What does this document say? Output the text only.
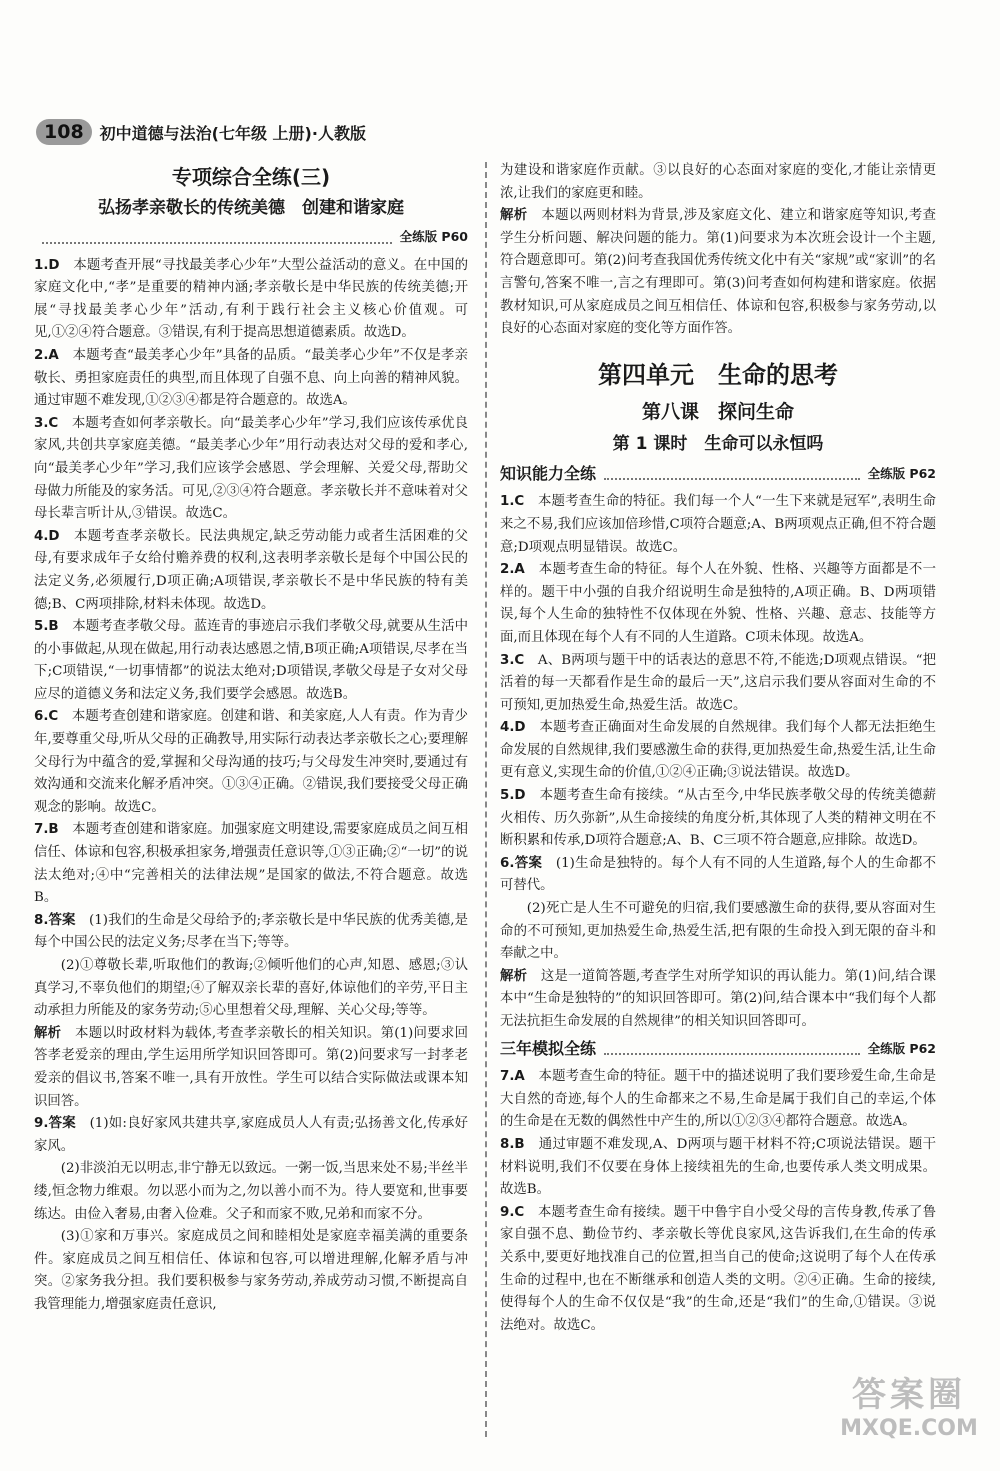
108	初中道德与法治(七年级 上册)·人教版
专项综合全练(三)
弘扬孝亲敬长的传统美德　创建和谐家庭
全练版 P60
1.D　本题考查开展“寻找最美孝心少年”大型公益活动的意义。在中国的家庭文化中,“孝”是重要的精神内涵;孝亲敬长是中华民族的传统美德;开展“寻找最美孝心少年”活动,有利于践行社会主义核心价值观。可见,①②④符合题意。③错误,有利于提高思想道德素质。故选D。
2.A　本题考查“最美孝心少年”具备的品质。“最美孝心少年”不仅是孝亲敬长、勇担家庭责任的典型,而且体现了自强不息、向上向善的精神风貌。通过审题不难发现,①②③④都是符合题意的。故选A。
3.C　本题考查如何孝亲敬长。向“最美孝心少年”学习,我们应该传承优良家风,共创共享家庭美德。“最美孝心少年”用行动表达对父母的爱和孝心,向“最美孝心少年”学习,我们应该学会感恩、学会理解、关爱父母,帮助父母做力所能及的家务活。可见,②③④符合题意。孝亲敬长并不意味着对父母长辈言听计从,③错误。故选C。
4.D　本题考查孝亲敬长。民法典规定,缺乏劳动能力或者生活困难的父母,有要求成年子女给付赡养费的权利,这表明孝亲敬长是每个中国公民的法定义务,必须履行,D项正确;A项错误,孝亲敬长不是中华民族的特有美德;B、C两项排除,材料未体现。故选D。
5.B　本题考查孝敬父母。蓝连青的事迹启示我们孝敬父母,就要从生活中的小事做起,从现在做起,用行动表达感恩之情,B项正确;A项错误,尽孝在当下;C项错误,“一切事情都”的说法太绝对;D项错误,孝敬父母是子女对父母应尽的道德义务和法定义务,我们要学会感恩。故选B。
6.C　本题考查创建和谐家庭。创建和谐、和美家庭,人人有责。作为青少年,要尊重父母,听从父母的正确教导,用实际行动表达孝亲敬长之心;要理解父母行为中蕴含的爱,掌握和父母沟通的技巧;与父母发生冲突时,要通过有效沟通和交流来化解矛盾冲突。①③④正确。②错误,我们要接受父母正确观念的影响。故选C。
7.B　本题考查创建和谐家庭。加强家庭文明建设,需要家庭成员之间互相信任、体谅和包容,积极承担家务,增强责任意识等,①③正确;②“一切”的说法太绝对;④中“完善相关的法律法规”是国家的做法,不符合题意。故选B。
8.答案　(1)我们的生命是父母给予的;孝亲敬长是中华民族的优秀美德,是每个中国公民的法定义务;尽孝在当下;等等。
(2)①尊敬长辈,听取他们的教诲;②倾听他们的心声,知恩、感恩;③认真学习,不辜负他们的期望;④了解双亲长辈的喜好,体谅他们的辛劳,平日主动承担力所能及的家务劳动;⑤心里想着父母,理解、关心父母;等等。
解析　本题以时政材料为载体,考查孝亲敬长的相关知识。第(1)问要求回答孝老爱亲的理由,学生运用所学知识回答即可。第(2)问要求写一封孝老爱亲的倡议书,答案不唯一,具有开放性。学生可以结合实际做法或课本知识回答。
9.答案　(1)如:良好家风共建共享,家庭成员人人有责;弘扬善文化,传承好家风。
(2)非淡泊无以明志,非宁静无以致远。一粥一饭,当思来处不易;半丝半缕,恒念物力维艰。勿以恶小而为之,勿以善小而不为。待人要宽和,世事要练达。由俭入奢易,由奢入俭难。父子和而家不败,兄弟和而家不分。
(3)①家和万事兴。家庭成员之间和睦相处是家庭幸福美满的重要条件。家庭成员之间互相信任、体谅和包容,可以增进理解,化解矛盾与冲突。②家务我分担。我们要积极参与家务劳动,养成劳动习惯,不断提高自我管理能力,增强家庭责任意识,
为建设和谐家庭作贡献。③以良好的心态面对家庭的变化,才能让亲情更浓,让我们的家庭更和睦。
解析　本题以两则材料为背景,涉及家庭文化、建立和谐家庭等知识,考查学生分析问题、解决问题的能力。第(1)问要求为本次班会设计一个主题,符合题意即可。第(2)问考查我国优秀传统文化中有关“家规”或“家训”的名言警句,答案不唯一,言之有理即可。第(3)问考查如何构建和谐家庭。依据教材知识,可从家庭成员之间互相信任、体谅和包容,积极参与家务劳动,以良好的心态面对家庭的变化等方面作答。
第四单元　生命的思考
第八课　探问生命
第 1 课时　生命可以永恒吗
知识能力全练	全练版 P62
1.C　本题考查生命的特征。我们每一个人“一生下来就是冠军”,表明生命来之不易,我们应该加倍珍惜,C项符合题意;A、B两项观点正确,但不符合题意;D项观点明显错误。故选C。
2.A　本题考查生命的特征。每个人在外貌、性格、兴趣等方面都是不一样的。题干中小强的自我介绍说明生命是独特的,A项正确。B、D两项错误,每个人生命的独特性不仅体现在外貌、性格、兴趣、意志、技能等方面,而且体现在每个人有不同的人生道路。C项未体现。故选A。
3.C　A、B两项与题干中的话表达的意思不符,不能选;D项观点错误。“把活着的每一天都看作是生命的最后一天”,这启示我们要从容面对生命的不可预知,更加热爱生命,热爱生活。故选C。
4.D　本题考查正确面对生命发展的自然规律。我们每个人都无法拒绝生命发展的自然规律,我们要感激生命的获得,更加热爱生命,热爱生活,让生命更有意义,实现生命的价值,①②④正确;③说法错误。故选D。
5.D　本题考查生命有接续。“从古至今,中华民族孝敬父母的传统美德薪火相传、历久弥新”,从生命接续的角度分析,其体现了人类的精神文明在不断积累和传承,D项符合题意;A、B、C三项不符合题意,应排除。故选D。
6.答案　(1)生命是独特的。每个人有不同的人生道路,每个人的生命都不可替代。
(2)死亡是人生不可避免的归宿,我们要感激生命的获得,要从容面对生命的不可预知,更加热爱生命,热爱生活,把有限的生命投入到无限的奋斗和奉献之中。
解析　这是一道简答题,考查学生对所学知识的再认能力。第(1)问,结合课本中“生命是独特的”的知识回答即可。第(2)问,结合课本中“我们每个人都无法抗拒生命发展的自然规律”的相关知识回答即可。
三年模拟全练	全练版 P62
7.A　本题考查生命的特征。题干中的描述说明了我们要珍爱生命,生命是大自然的奇迹,每个人的生命都来之不易,生命是属于我们自己的幸运,个体的生命是在无数的偶然性中产生的,所以①②③④都符合题意。故选A。
8.B　通过审题不难发现,A、D两项与题干材料不符;C项说法错误。题干材料说明,我们不仅要在身体上接续祖先的生命,也要传承人类文明成果。故选B。
9.C　本题考查生命有接续。题干中鲁宇自小受父母的言传身教,传承了鲁家自强不息、勤俭节约、孝亲敬长等优良家风,这告诉我们,在生命的传承关系中,要更好地找准自己的位置,担当自己的使命;这说明了每个人在传承生命的过程中,也在不断继承和创造人类的文明。②④正确。生命的接续,使得每个人的生命不仅仅是“我”的生命,还是“我们”的生命,①错误。③说法绝对。故选C。
答案圈
MXQE.COM
